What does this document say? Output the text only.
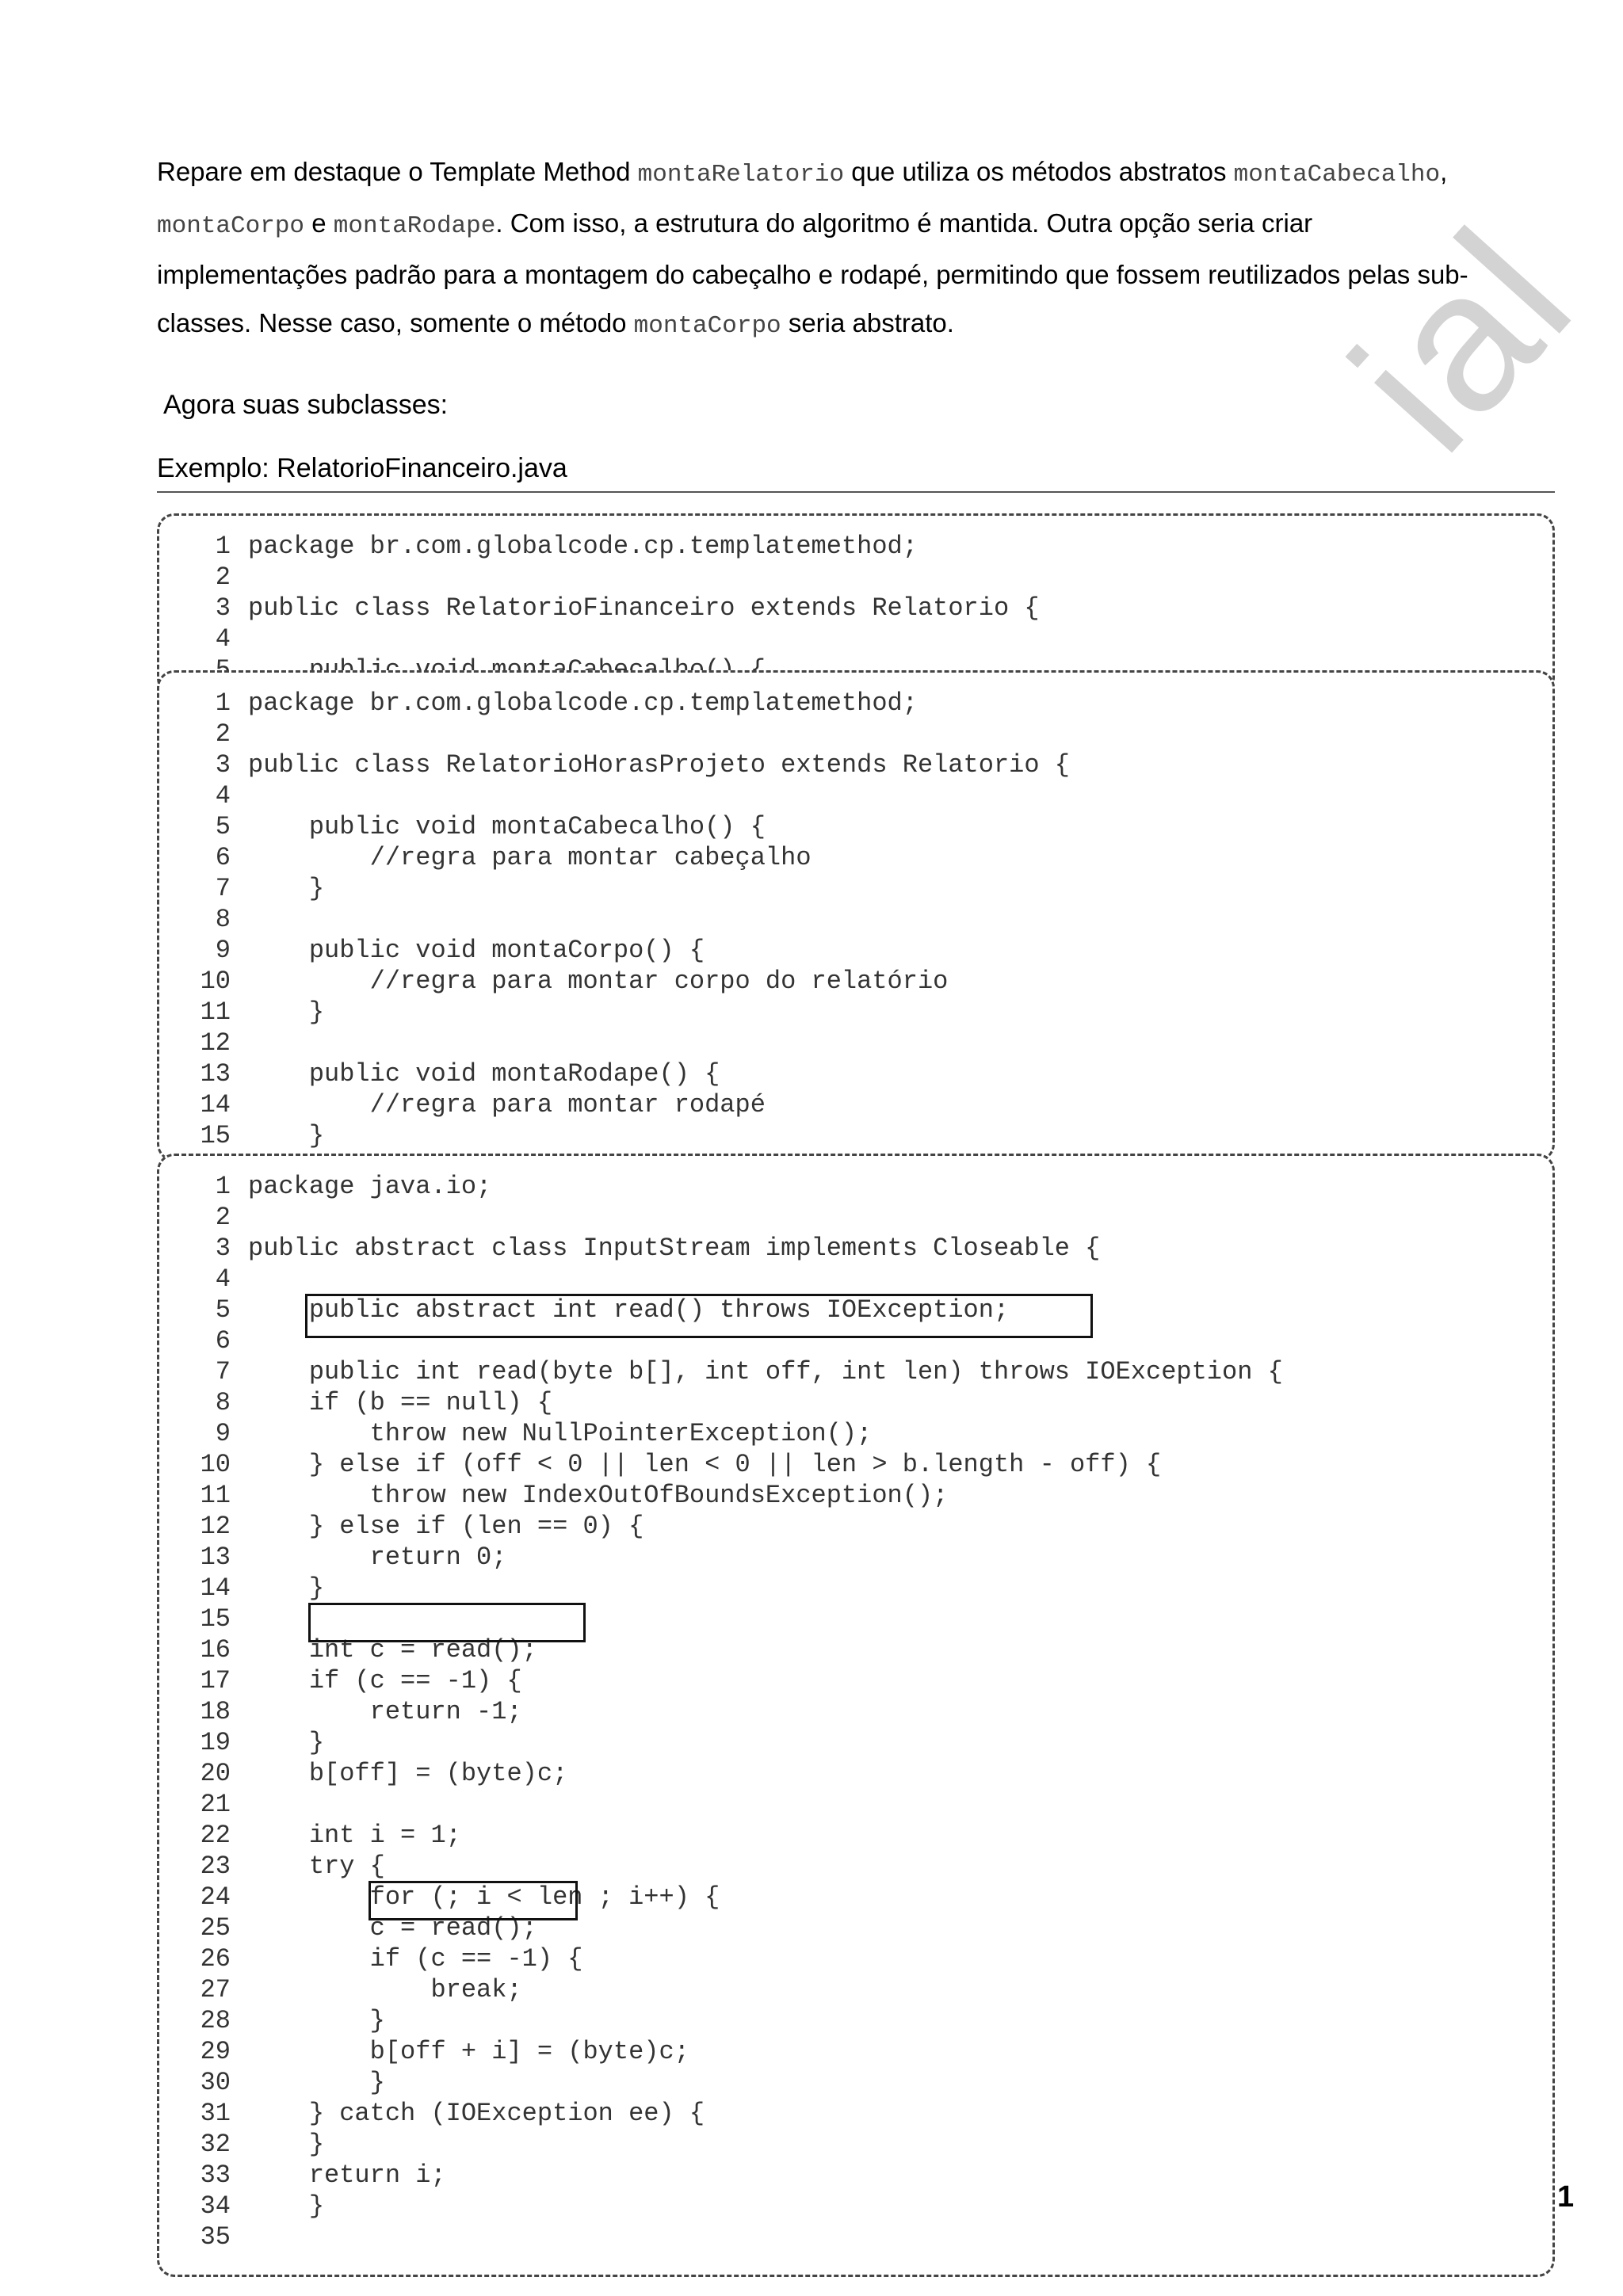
ial
Repare em destaque o Template Method montaRelatorio que utiliza os métodos abstratos montaCabecalho,
montaCorpo e montaRodape. Com isso, a estrutura do algoritmo é mantida. Outra opção seria criar
implementações padrão para a montagem do cabeçalho e rodapé, permitindo que fossem reutilizados pelas sub-
classes. Nesse caso, somente o método montaCorpo seria abstrato.
Agora suas subclasses:
Exemplo: RelatorioFinanceiro.java
1 package br.com.globalcode.cp.templatemethod;
2
3 public class RelatorioFinanceiro extends Relatorio {
4
1 package br.com.globalcode.cp.templatemethod;
2
3 public class RelatorioHorasProjeto extends Relatorio {
4
5 public void montaCabecalho() {
6 //regra para montar cabeçalho
7 }
8
9 public void montaCorpo() {
10 //regra para montar corpo do relatório
11 }
12
13 public void montaRodape() {
14 //regra para montar rodapé
15 }
1 package java.io;
2
3 public abstract class InputStream implements Closeable {
4
5 public abstract int read() throws IOException;
6
7 public int read(byte b[], int off, int len) throws IOException {
8 if (b == null) {
9 throw new NullPointerException();
10 } else if (off < 0 || len < 0 || len > b.length - off) {
11 throw new IndexOutOfBoundsException();
12 } else if (len == 0) {
13 return 0;
14 }
15
16 int c = read();
17 if (c == -1) {
18 return -1;
19 }
20 b[off] = (byte)c;
21
22 int i = 1;
23 try {
24 for (; i < len ; i++) {
25 c = read();
26 if (c == -1) {
27 break;
28 }
29 b[off + i] = (byte)c;
30 }
31 } catch (IOException ee) {
32 }
33 return i;
34 }
35
1
